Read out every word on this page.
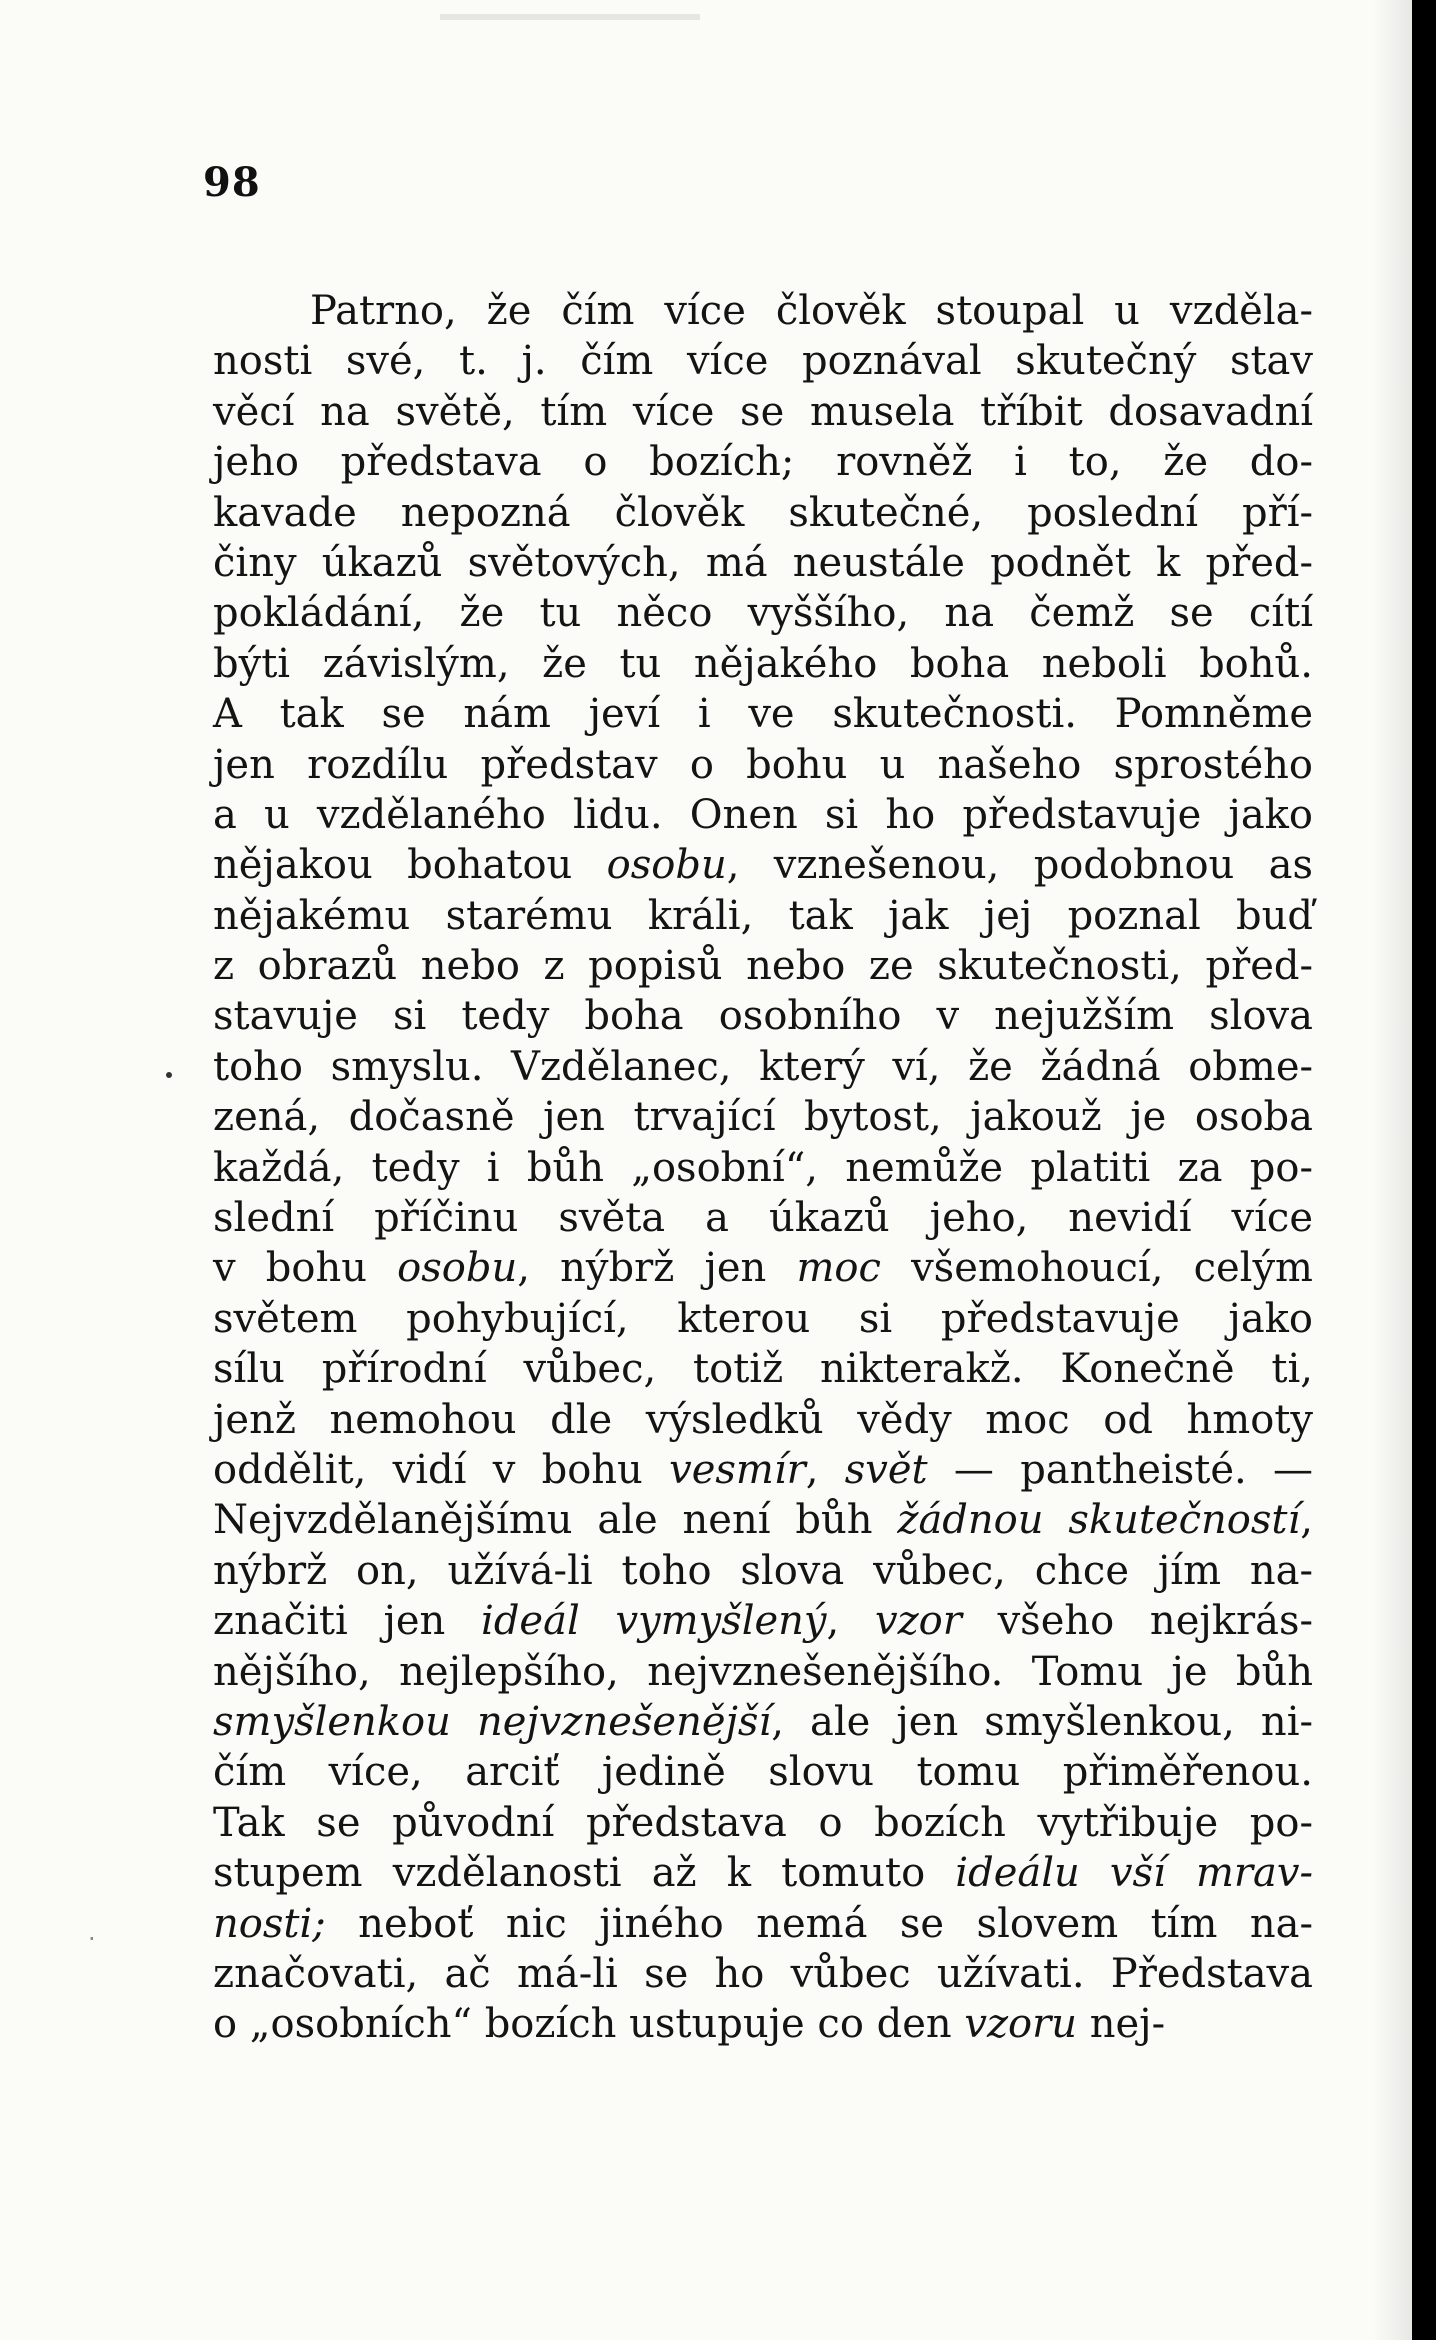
98
Patrno, že čím více člověk stoupal u vzděla-
nosti své, t. j. čím více poznával skutečný stav
věcí na světě, tím více se musela tříbit dosavadní
jeho představa o bozích; rovněž i to, že do-
kavade nepozná člověk skutečné, poslední pří-
činy úkazů světových, má neustále podnět k před-
pokládání, že tu něco vyššího, na čemž se cítí
býti závislým, že tu nějakého boha neboli bohů.
A tak se nám jeví i ve skutečnosti. Pomněme
jen rozdílu představ o bohu u našeho sprostého
a u vzdělaného lidu. Onen si ho představuje jako
nějakou bohatou osobu, vznešenou, podobnou as
nějakému starému králi, tak jak jej poznal buď
z obrazů nebo z popisů nebo ze skutečnosti, před-
stavuje si tedy boha osobního v nejužším slova
toho smyslu. Vzdělanec, který ví, že žádná obme-
zená, dočasně jen trvající bytost, jakouž je osoba
každá, tedy i bůh „osobní“, nemůže platiti za po-
slední příčinu světa a úkazů jeho, nevidí více
v bohu osobu, nýbrž jen moc všemohoucí, celým
světem pohybující, kterou si představuje jako
sílu přírodní vůbec, totiž nikterakž. Konečně ti,
jenž nemohou dle výsledků vědy moc od hmoty
oddělit, vidí v bohu vesmír, svět — pantheisté. —
Nejvzdělanějšímu ale není bůh žádnou skutečností,
nýbrž on, užívá-li toho slova vůbec, chce jím na-
značiti jen ideál vymyšlený, vzor všeho nejkrás-
nějšího, nejlepšího, nejvznešenějšího. Tomu je bůh
smyšlenkou nejvznešenější, ale jen smyšlenkou, ni-
čím více, arciť jedině slovu tomu přiměřenou.
Tak se původní představa o bozích vytřibuje po-
stupem vzdělanosti až k tomuto ideálu vší mrav-
nosti; neboť nic jiného nemá se slovem tím na-
značovati, ač má-li se ho vůbec užívati. Představa
o „osobních“ bozích ustupuje co den vzoru nej-
·
